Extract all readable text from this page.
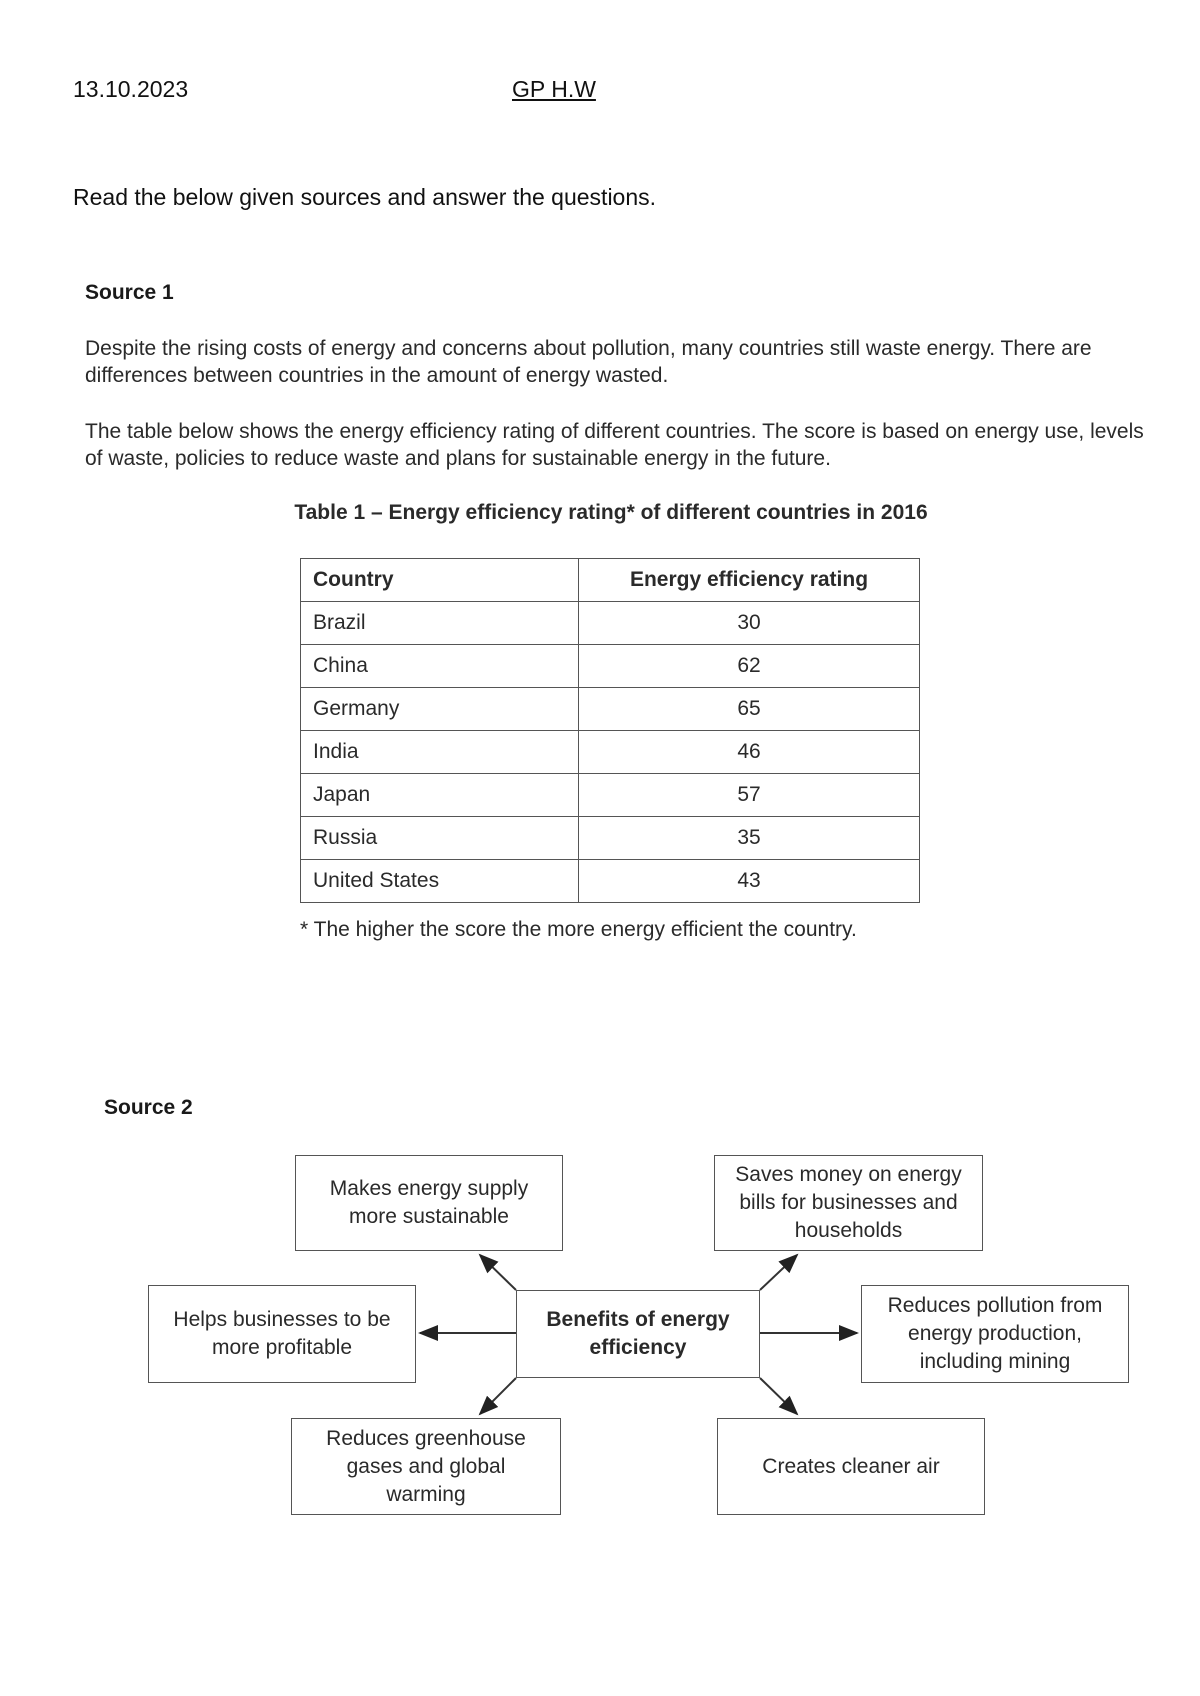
13.10.2023	GP H.W
Read the below given sources and answer the questions.
Source 1
Despite the rising costs of energy and concerns about pollution, many countries still waste energy. There are differences between countries in the amount of energy wasted.
The table below shows the energy efficiency rating of different countries. The score is based on energy use, levels of waste, policies to reduce waste and plans for sustainable energy in the future.
Table 1 – Energy efficiency rating* of different countries in 2016
Country	Energy efficiency rating
Brazil	30
China	62
Germany	65
India	46
Japan	57
Russia	35
United States	43
* The higher the score the more energy efficient the country.
Source 2
Benefits of energy efficiency
Makes energy supply more sustainable
Saves money on energy bills for businesses and households
Helps businesses to be more profitable
Reduces pollution from energy production, including mining
Reduces greenhouse gases and global warming
Creates cleaner air
